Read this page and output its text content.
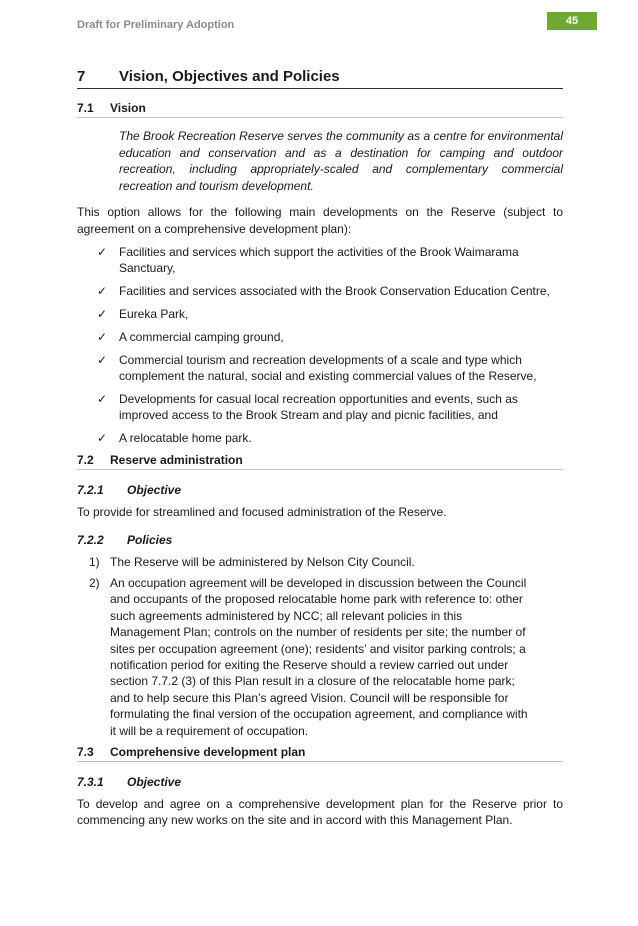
Draft for Preliminary Adoption	45
7	Vision, Objectives and Policies
7.1	Vision

The Brook Recreation Reserve serves the community as a centre for environmental education and conservation and as a destination for camping and outdoor recreation, including appropriately-scaled and complementary commercial recreation and tourism development.

This option allows for the following main developments on the Reserve (subject to agreement on a comprehensive development plan):

✓ Facilities and services which support the activities of the Brook Waimarama Sanctuary,
✓ Facilities and services associated with the Brook Conservation Education Centre,
✓ Eureka Park,
✓ A commercial camping ground,
✓ Commercial tourism and recreation developments of a scale and type which complement the natural, social and existing commercial values of the Reserve,
✓ Developments for casual local recreation opportunities and events, such as improved access to the Brook Stream and play and picnic facilities, and
✓ A relocatable home park.
7.2	Reserve administration
7.2.1	Objective

To provide for streamlined and focused administration of the Reserve.

7.2.2	Policies
1) The Reserve will be administered by Nelson City Council.
2) An occupation agreement will be developed in discussion between the Council and occupants of the proposed relocatable home park with reference to: other such agreements administered by NCC; all relevant policies in this Management Plan; controls on the number of residents per site; the number of sites per occupation agreement (one); residents’ and visitor parking controls; a notification period for exiting the Reserve should a review carried out under section 7.7.2 (3) of this Plan result in a closure of the relocatable home park; and to help secure this Plan’s agreed Vision. Council will be responsible for formulating the final version of the occupation agreement, and compliance with it will be a requirement of occupation.
7.3	Comprehensive development plan
7.3.1	Objective

To develop and agree on a comprehensive development plan for the Reserve prior to commencing any new works on the site and in accord with this Management Plan.
